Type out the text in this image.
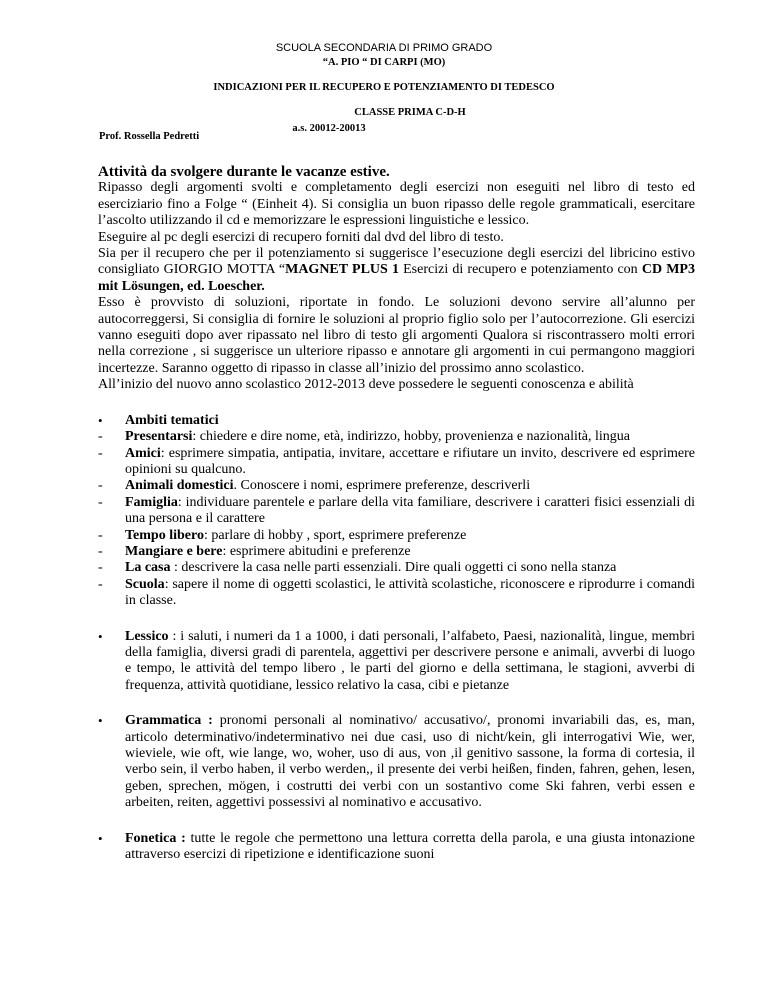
SCUOLA SECONDARIA DI PRIMO GRADO
“A. PIO “ DI CARPI (MO)
INDICAZIONI PER IL RECUPERO E POTENZIAMENTO DI TEDESCO
CLASSE PRIMA C-D-H
a.s. 20012-20013
Prof. Rossella Pedretti

Attività da svolgere durante le vacanze estive.

Ripasso degli argomenti svolti e completamento degli esercizi non eseguiti nel libro di testo ed eserciziario fino a Folge “ (Einheit 4). Si consiglia un buon ripasso delle regole grammaticali, esercitare l’ascolto utilizzando il cd e memorizzare le espressioni linguistiche e lessico.

Eseguire al pc degli esercizi di recupero forniti dal dvd del libro di testo.

Sia per il recupero che per il potenziamento si suggerisce l’esecuzione degli esercizi del libricino estivo consigliato GIORGIO MOTTA “MAGNET PLUS 1 Esercizi di recupero e potenziamento con CD MP3 mit Lösungen, ed. Loescher.

Esso è provvisto di soluzioni, riportate in fondo. Le soluzioni devono servire all’alunno per autocorreggersi, Si consiglia di fornire le soluzioni al proprio figlio solo per l’autocorrezione. Gli esercizi vanno eseguiti dopo aver ripassato nel libro di testo gli argomenti Qualora si riscontrassero molti errori nella correzione , si suggerisce un ulteriore ripasso e annotare gli argomenti in cui permangono maggiori incertezze. Saranno oggetto di ripasso in classe all’inizio del prossimo anno scolastico.

All’inizio del nuovo anno scolastico 2012-2013 deve possedere le seguenti conoscenza e abilità

•	Ambiti tematici
-	Presentarsi: chiedere e dire nome, età, indirizzo, hobby, provenienza e nazionalità, lingua
-	Amici: esprimere simpatia, antipatia, invitare, accettare e rifiutare un invito, descrivere ed esprimere opinioni su qualcuno.
-	Animali domestici. Conoscere i nomi, esprimere preferenze, descriverli
-	Famiglia: individuare parentele e parlare della vita familiare, descrivere i caratteri fisici essenziali di una persona e il carattere
-	Tempo libero: parlare di hobby , sport, esprimere preferenze
-	Mangiare e bere: esprimere abitudini e preferenze
-	La casa : descrivere la casa nelle parti essenziali. Dire quali oggetti ci sono nella stanza
-	Scuola: sapere il nome di oggetti scolastici, le attività scolastiche, riconoscere e riprodurre i comandi in classe.
•	Lessico : i saluti, i numeri da 1 a 1000, i dati personali, l’alfabeto, Paesi, nazionalità, lingue, membri della famiglia, diversi gradi di parentela, aggettivi per descrivere persone e animali, avverbi di luogo e tempo, le attività del tempo libero , le parti del giorno e della settimana, le stagioni, avverbi di frequenza, attività quotidiane, lessico relativo la casa, cibi e pietanze
•	Grammatica : pronomi personali al nominativo/ accusativo/, pronomi invariabili das, es, man, articolo determinativo/indeterminativo nei due casi, uso di nicht/kein, gli interrogativi Wie, wer, wieviele, wie oft, wie lange, wo, woher, uso di aus, von ,il genitivo sassone, la forma di cortesia, il verbo sein, il verbo haben, il verbo werden,, il presente dei verbi heißen, finden, fahren, gehen, lesen, geben, sprechen, mögen, i costrutti dei verbi con un sostantivo come Ski fahren, verbi essen e arbeiten, reiten, aggettivi possessivi al nominativo e accusativo.
•	Fonetica : tutte le regole che permettono una lettura corretta della parola, e una giusta intonazione attraverso esercizi di ripetizione e identificazione suoni
